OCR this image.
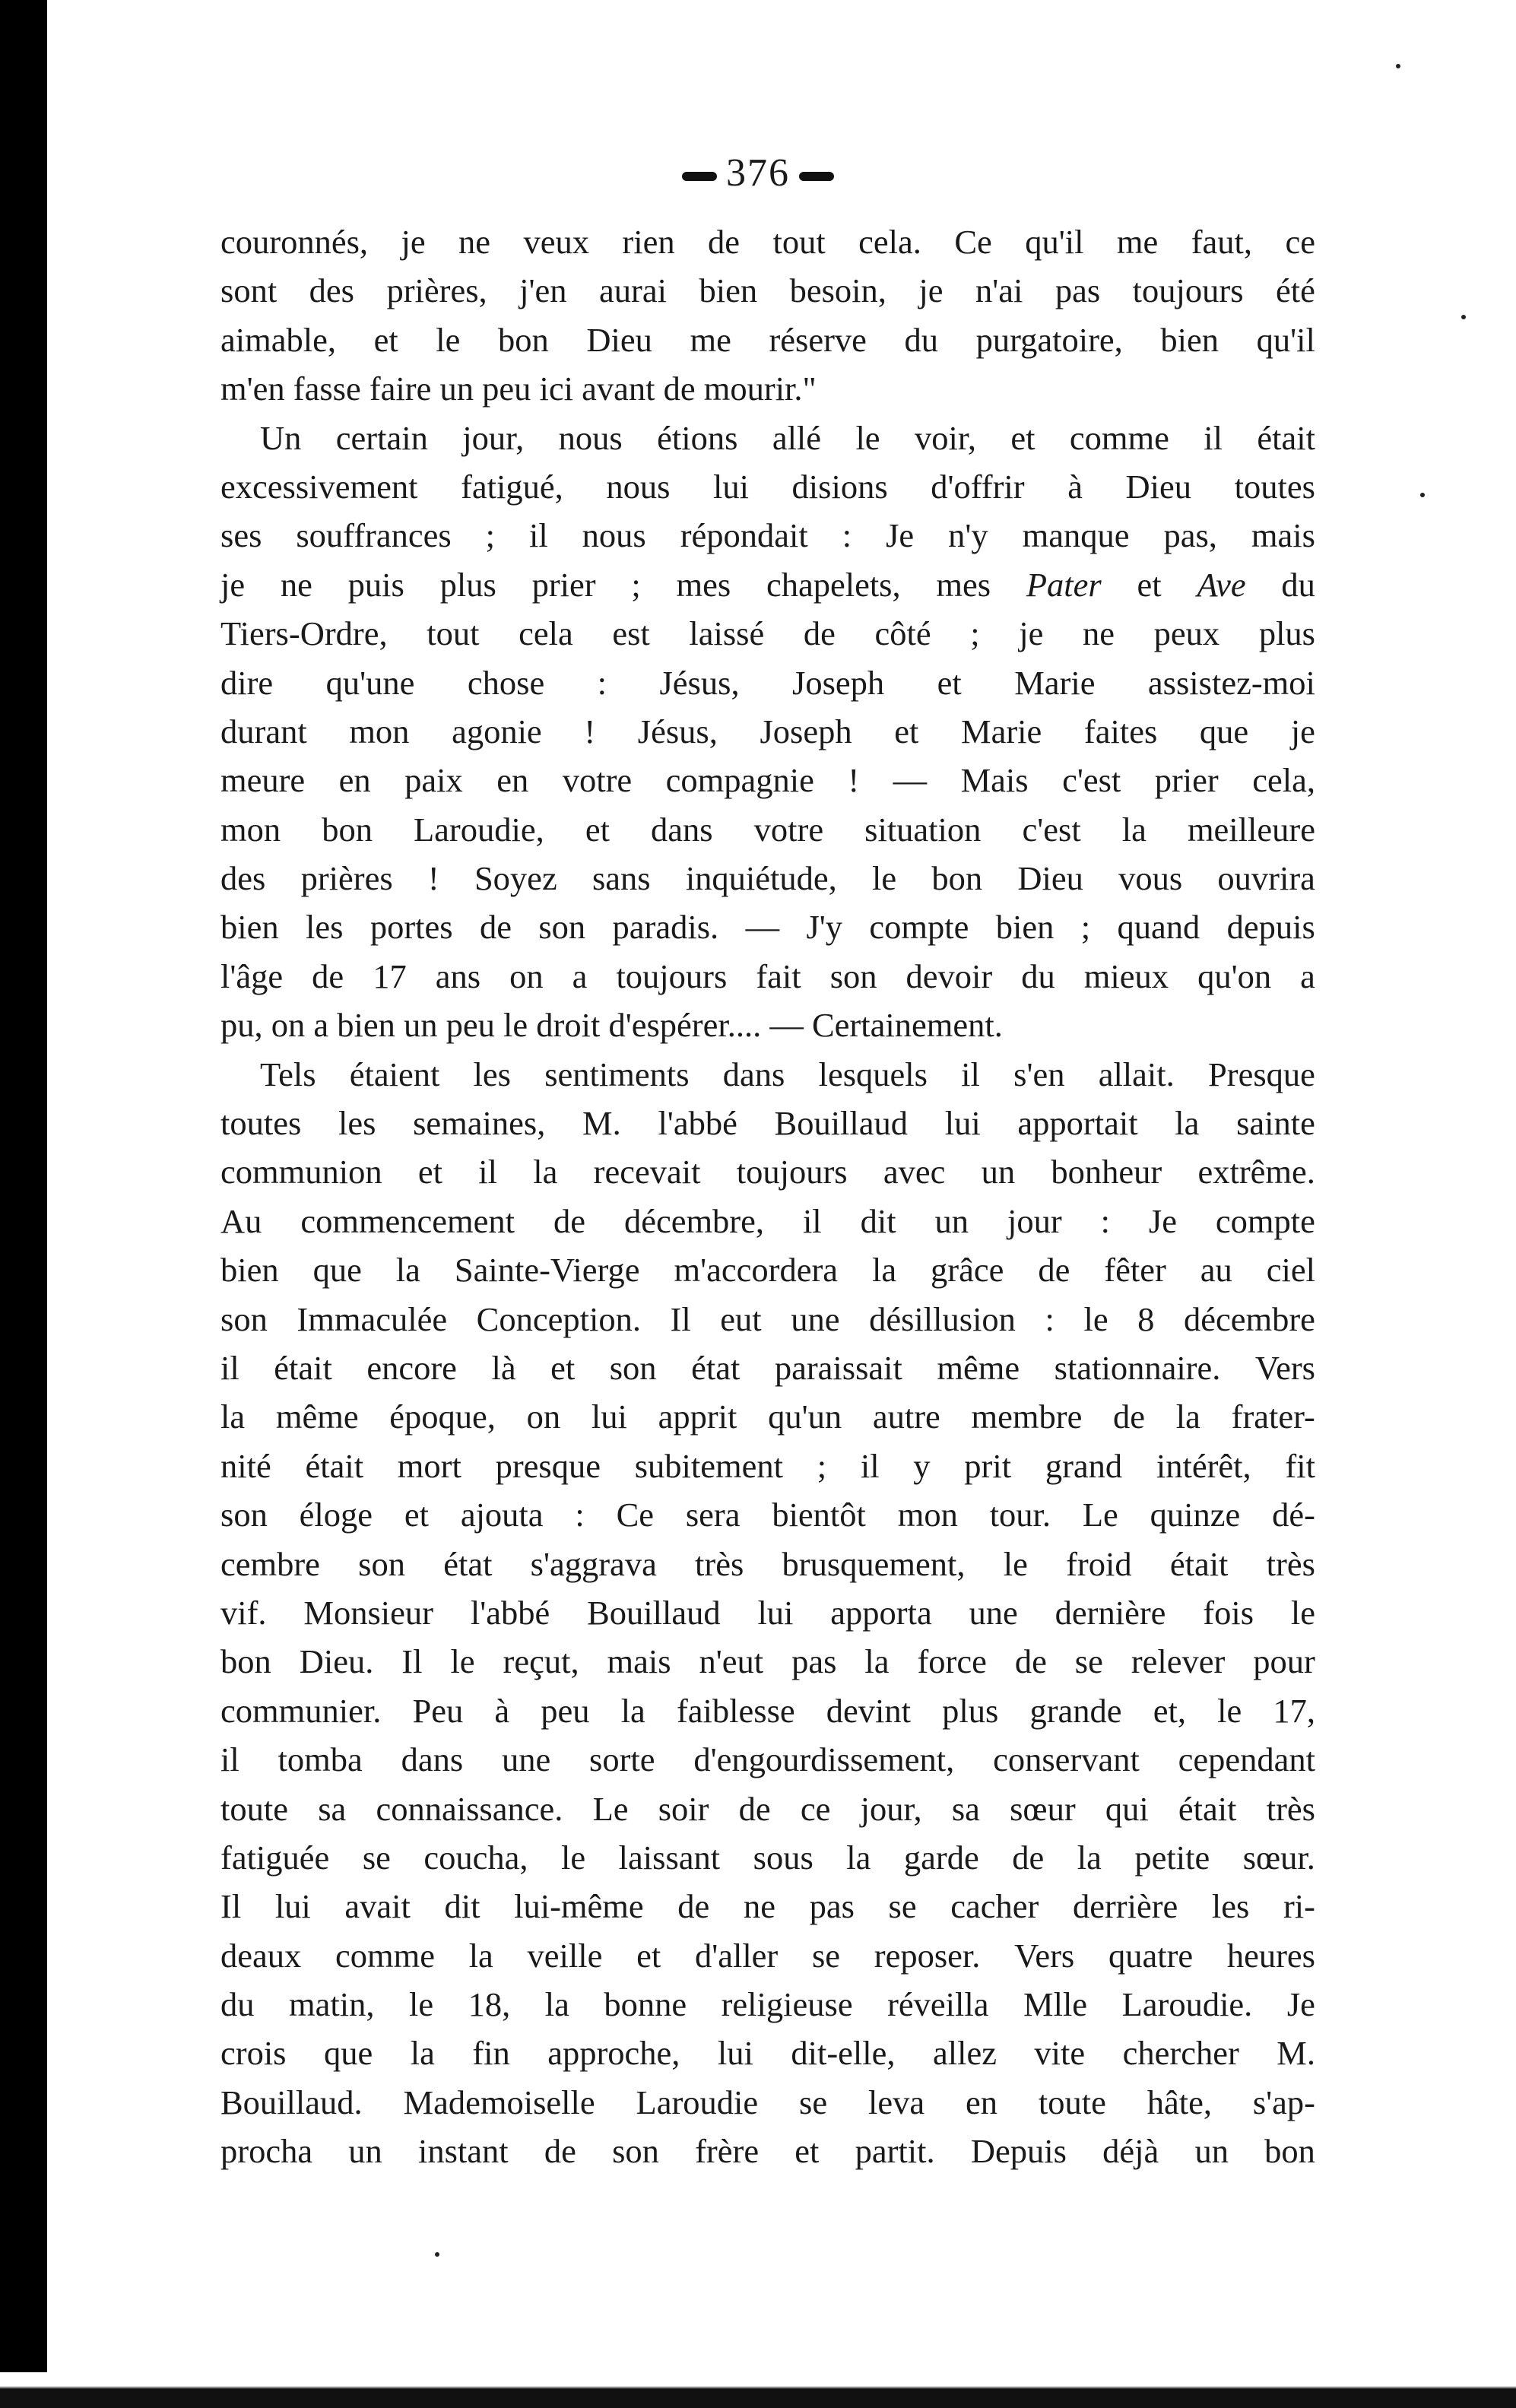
376
couronnés, je ne veux rien de tout cela. Ce qu'il me faut, ce
sont des prières, j'en aurai bien besoin, je n'ai pas toujours été
aimable, et le bon Dieu me réserve du purgatoire, bien qu'il
m'en
fasse
faire
un
peu
ici
avant
de
mourir."
Un certain jour, nous étions allé le voir, et comme il était
excessivement fatigué, nous lui disions d'offrir à Dieu toutes
ses souffrances ; il nous répondait : Je n'y manque pas, mais
je ne puis plus prier ; mes chapelets, mes Pater et Ave du
Tiers-Ordre, tout cela est laissé de côté ; je ne peux plus
dire qu'une chose : Jésus, Joseph et Marie assistez-moi
durant mon agonie ! Jésus, Joseph et Marie faites que je
meure en paix en votre compagnie ! — Mais c'est prier cela,
mon bon Laroudie, et dans votre situation c'est la meilleure
des prières ! Soyez sans inquiétude, le bon Dieu vous ouvrira
bien les portes de son paradis. — J'y compte bien ; quand depuis
l'âge de 17 ans on a toujours fait son devoir du mieux qu'on a
pu,
on
a
bien
un
peu
le
droit
d'espérer....
—
Certainement.
Tels étaient les sentiments dans lesquels il s'en allait. Presque
toutes les semaines, M. l'abbé Bouillaud lui apportait la sainte
communion et il la recevait toujours avec un bonheur extrême.
Au commencement de décembre, il dit un jour : Je compte
bien que la Sainte-Vierge m'accordera la grâce de fêter au ciel
son Immaculée Conception. Il eut une désillusion : le 8 décembre
il était encore là et son état paraissait même stationnaire. Vers
la même époque, on lui apprit qu'un autre membre de la frater-
nité était mort presque subitement ; il y prit grand intérêt, fit
son éloge et ajouta : Ce sera bientôt mon tour. Le quinze dé-
cembre son état s'aggrava très brusquement, le froid était très
vif. Monsieur l'abbé Bouillaud lui apporta une dernière fois le
bon Dieu. Il le reçut, mais n'eut pas la force de se relever pour
communier. Peu à peu la faiblesse devint plus grande et, le 17,
il tomba dans une sorte d'engourdissement, conservant cependant
toute sa connaissance. Le soir de ce jour, sa sœur qui était très
fatiguée se coucha, le laissant sous la garde de la petite sœur.
Il lui avait dit lui-même de ne pas se cacher derrière les ri-
deaux comme la veille et d'aller se reposer. Vers quatre heures
du matin, le 18, la bonne religieuse réveilla Mlle Laroudie. Je
crois que la fin approche, lui dit-elle, allez vite chercher M.
Bouillaud. Mademoiselle Laroudie se leva en toute hâte, s'ap-
procha un instant de son frère et partit. Depuis déjà un bon
